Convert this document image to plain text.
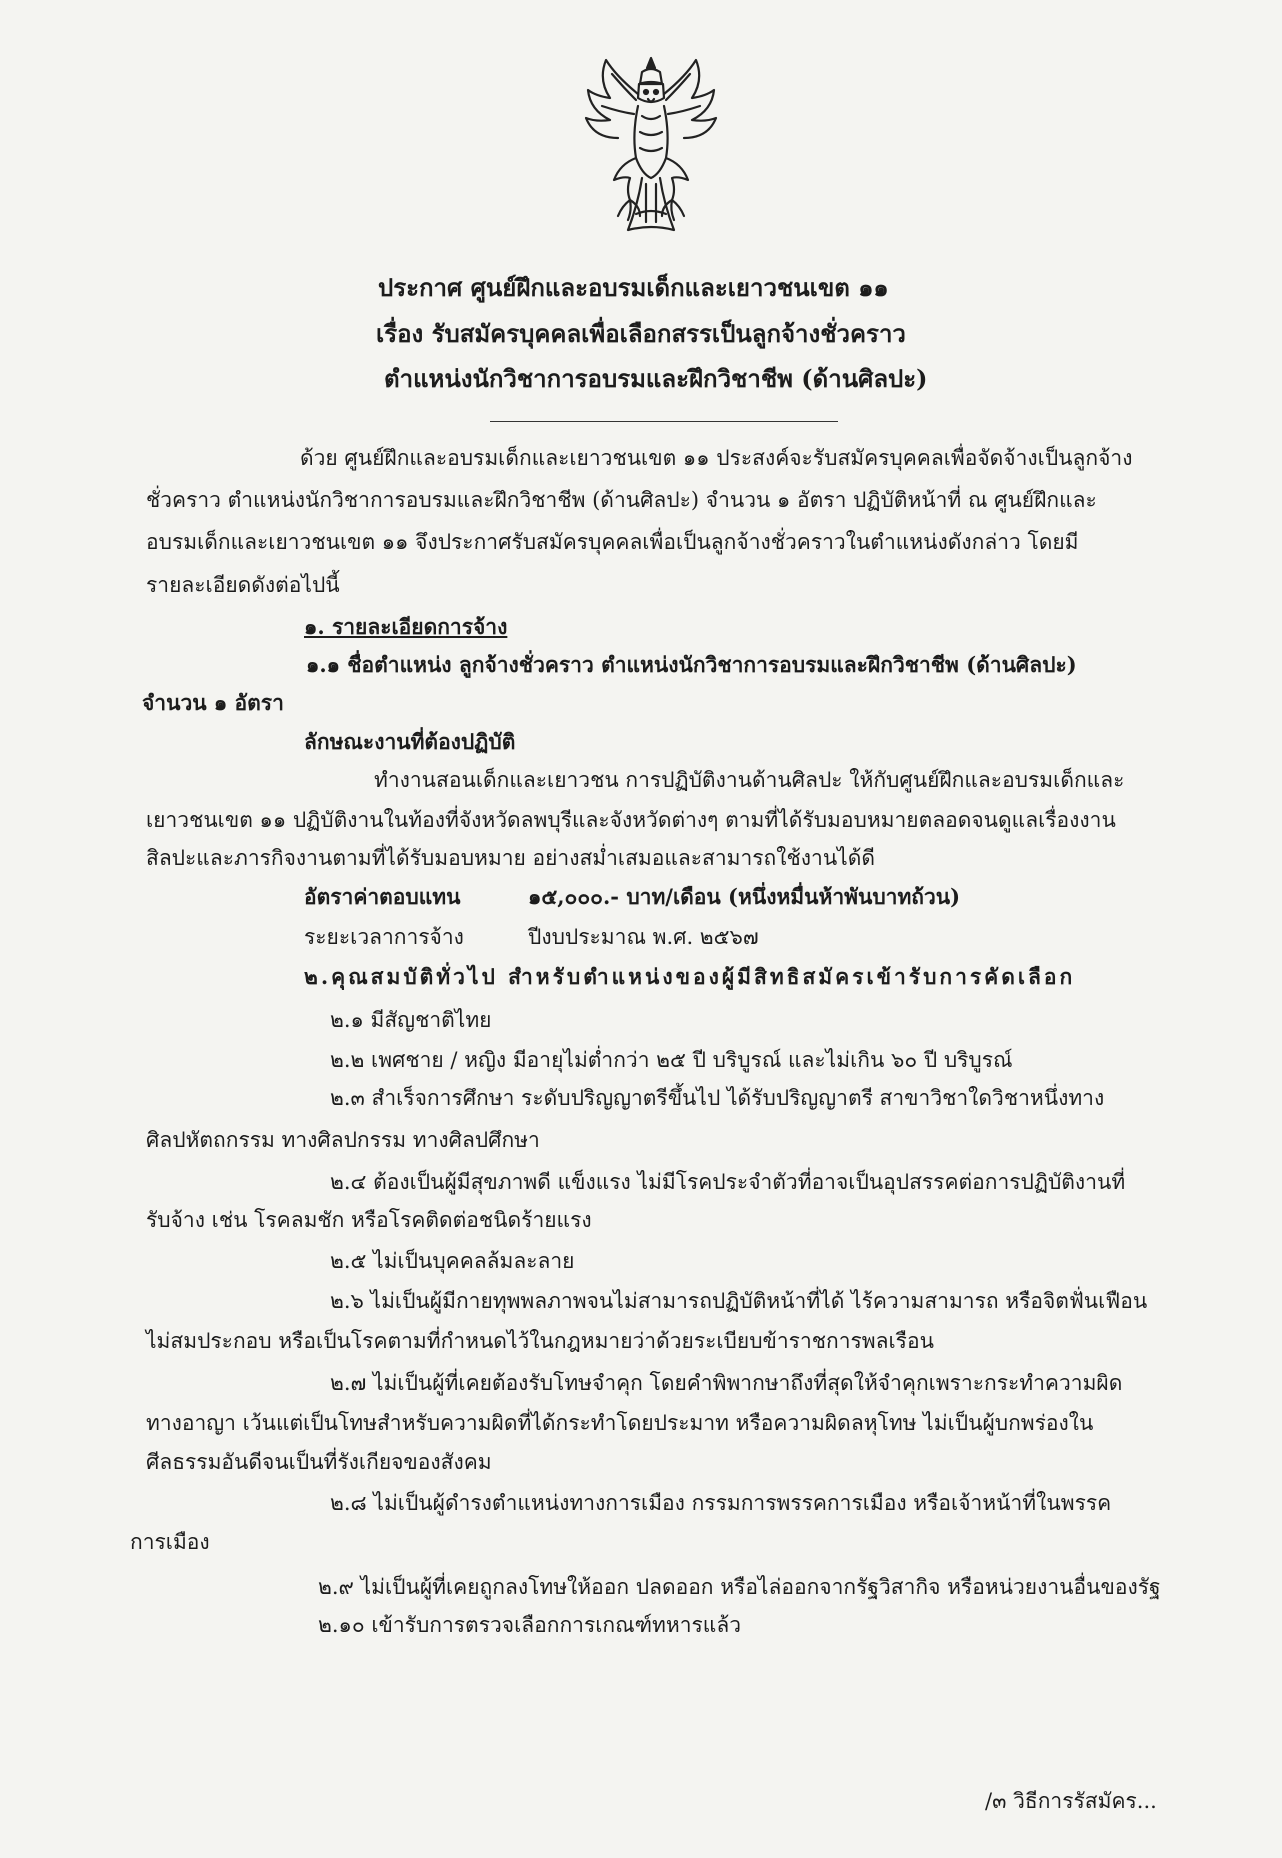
ประกาศ ศูนย์ฝึกและอบรมเด็กและเยาวชนเขต ๑๑
เรื่อง รับสมัครบุคคลเพื่อเลือกสรรเป็นลูกจ้างชั่วคราว
ตำแหน่งนักวิชาการอบรมและฝึกวิชาชีพ (ด้านศิลปะ)
ด้วย ศูนย์ฝึกและอบรมเด็กและเยาวชนเขต ๑๑ ประสงค์จะรับสมัครบุคคลเพื่อจัดจ้างเป็นลูกจ้าง
ชั่วคราว ตำแหน่งนักวิชาการอบรมและฝึกวิชาชีพ (ด้านศิลปะ) จำนวน ๑ อัตรา ปฏิบัติหน้าที่ ณ ศูนย์ฝึกและ
อบรมเด็กและเยาวชนเขต ๑๑ จึงประกาศรับสมัครบุคคลเพื่อเป็นลูกจ้างชั่วคราวในตำแหน่งดังกล่าว โดยมี
รายละเอียดดังต่อไปนี้
๑. รายละเอียดการจ้าง
๑.๑ ชื่อตำแหน่ง ลูกจ้างชั่วคราว ตำแหน่งนักวิชาการอบรมและฝึกวิชาชีพ (ด้านศิลปะ)
จำนวน ๑ อัตรา
ลักษณะงานที่ต้องปฏิบัติ
ทำงานสอนเด็กและเยาวชน การปฏิบัติงานด้านศิลปะ ให้กับศูนย์ฝึกและอบรมเด็กและ
เยาวชนเขต ๑๑ ปฏิบัติงานในท้องที่จังหวัดลพบุรีและจังหวัดต่างๆ ตามที่ได้รับมอบหมายตลอดจนดูแลเรื่องงาน
สิลปะและภารกิจงานตามที่ได้รับมอบหมาย อย่างสม่ำเสมอและสามารถใช้งานได้ดี
อัตราค่าตอบแทน	๑๕,๐๐๐.- บาท/เดือน (หนึ่งหมื่นห้าพันบาทถ้วน)
ระยะเวลาการจ้าง	ปีงบประมาณ พ.ศ. ๒๕๖๗
๒.คุณสมบัติทั่วไป สำหรับตำแหน่งของผู้มีสิทธิสมัครเข้ารับการคัดเลือก
๒.๑ มีสัญชาติไทย
๒.๒ เพศชาย / หญิง มีอายุไม่ต่ำกว่า ๒๕ ปี บริบูรณ์ และไม่เกิน ๖๐ ปี บริบูรณ์
๒.๓ สำเร็จการศึกษา ระดับปริญญาตรีขึ้นไป ได้รับปริญญาตรี สาขาวิชาใดวิชาหนึ่งทาง
ศิลปหัตถกรรม ทางศิลปกรรม ทางศิลปศึกษา
๒.๔ ต้องเป็นผู้มีสุขภาพดี แข็งแรง ไม่มีโรคประจำตัวที่อาจเป็นอุปสรรคต่อการปฏิบัติงานที่
รับจ้าง เช่น โรคลมชัก หรือโรคติดต่อชนิดร้ายแรง
๒.๕ ไม่เป็นบุคคลล้มละลาย
๒.๖ ไม่เป็นผู้มีกายทุพพลภาพจนไม่สามารถปฏิบัติหน้าที่ได้ ไร้ความสามารถ หรือจิตฟั่นเฟือน
ไม่สมประกอบ หรือเป็นโรคตามที่กำหนดไว้ในกฎหมายว่าด้วยระเบียบข้าราชการพลเรือน
๒.๗ ไม่เป็นผู้ที่เคยต้องรับโทษจำคุก โดยคำพิพากษาถึงที่สุดให้จำคุกเพราะกระทำความผิด
ทางอาญา เว้นแต่เป็นโทษสำหรับความผิดที่ได้กระทำโดยประมาท หรือความผิดลหุโทษ ไม่เป็นผู้บกพร่องใน
ศีลธรรมอันดีจนเป็นที่รังเกียจของสังคม
๒.๘ ไม่เป็นผู้ดำรงตำแหน่งทางการเมือง กรรมการพรรคการเมือง หรือเจ้าหน้าที่ในพรรค
การเมือง
๒.๙ ไม่เป็นผู้ที่เคยถูกลงโทษให้ออก ปลดออก หรือไล่ออกจากรัฐวิสากิจ หรือหน่วยงานอื่นของรัฐ
๒.๑๐ เข้ารับการตรวจเลือกการเกณฑ์ทหารแล้ว
/๓ วิธีการรัสมัคร...
